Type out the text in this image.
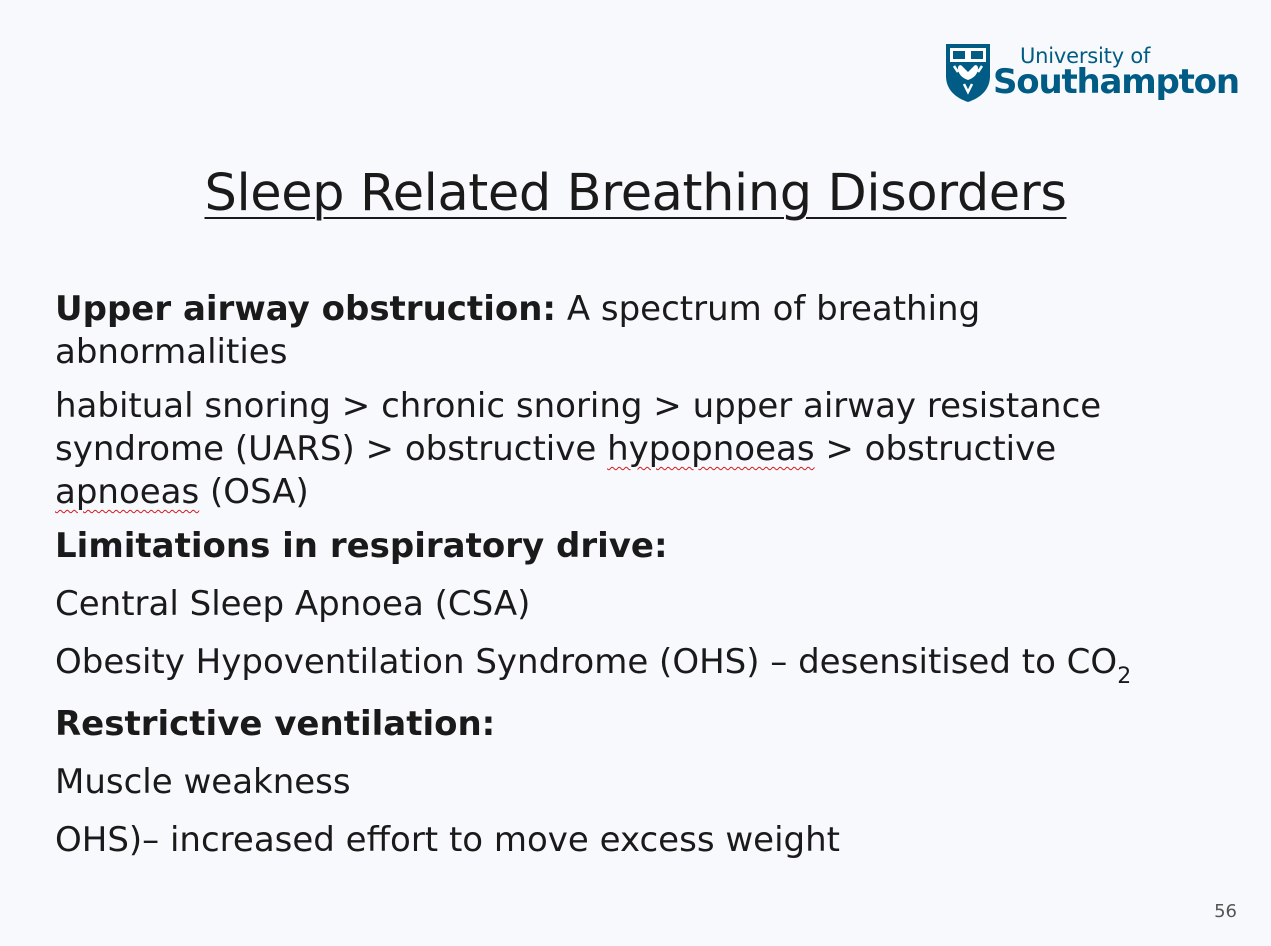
University of
Southampton
Sleep Related Breathing Disorders

Upper airway obstruction: A spectrum of breathing
abnormalities

habitual snoring > chronic snoring > upper airway resistance
syndrome (UARS) > obstructive hypopnoeas > obstructive
apnoeas (OSA)

Limitations in respiratory drive:

Central Sleep Apnoea (CSA)

Obesity Hypoventilation Syndrome (OHS) – desensitised to $CO_2$

Restrictive ventilation:

Muscle weakness

OHS)– increased effort to move excess weight

56
